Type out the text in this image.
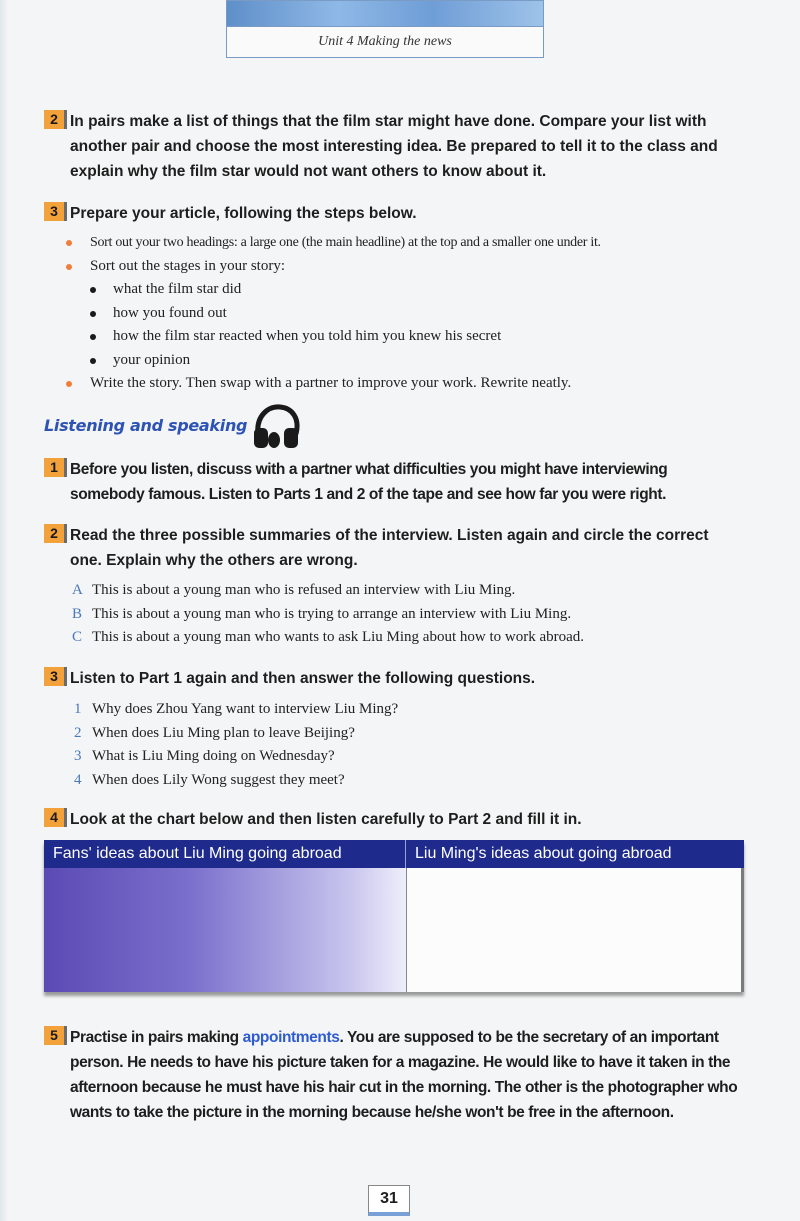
Unit 4 Making the news
2 In pairs make a list of things that the film star might have done. Compare your list with another pair and choose the most interesting idea. Be prepared to tell it to the class and explain why the film star would not want others to know about it.
3 Prepare your article, following the steps below.
Sort out your two headings: a large one (the main headline) at the top and a smaller one under it.
Sort out the stages in your story:
what the film star did
how you found out
how the film star reacted when you told him you knew his secret
your opinion
Write the story. Then swap with a partner to improve your work. Rewrite neatly.
Listening and speaking
1 Before you listen, discuss with a partner what difficulties you might have interviewing somebody famous. Listen to Parts 1 and 2 of the tape and see how far you were right.
2 Read the three possible summaries of the interview. Listen again and circle the correct one. Explain why the others are wrong.
A This is about a young man who is refused an interview with Liu Ming.
B This is about a young man who is trying to arrange an interview with Liu Ming.
C This is about a young man who wants to ask Liu Ming about how to work abroad.
3 Listen to Part 1 again and then answer the following questions.
1 Why does Zhou Yang want to interview Liu Ming?
2 When does Liu Ming plan to leave Beijing?
3 What is Liu Ming doing on Wednesday?
4 When does Lily Wong suggest they meet?
4 Look at the chart below and then listen carefully to Part 2 and fill it in.
Fans' ideas about Liu Ming going abroad	Liu Ming's ideas about going abroad
5 Practise in pairs making appointments. You are supposed to be the secretary of an important person. He needs to have his picture taken for a magazine. He would like to have it taken in the afternoon because he must have his hair cut in the morning. The other is the photographer who wants to take the picture in the morning because he/she won't be free in the afternoon.
31
